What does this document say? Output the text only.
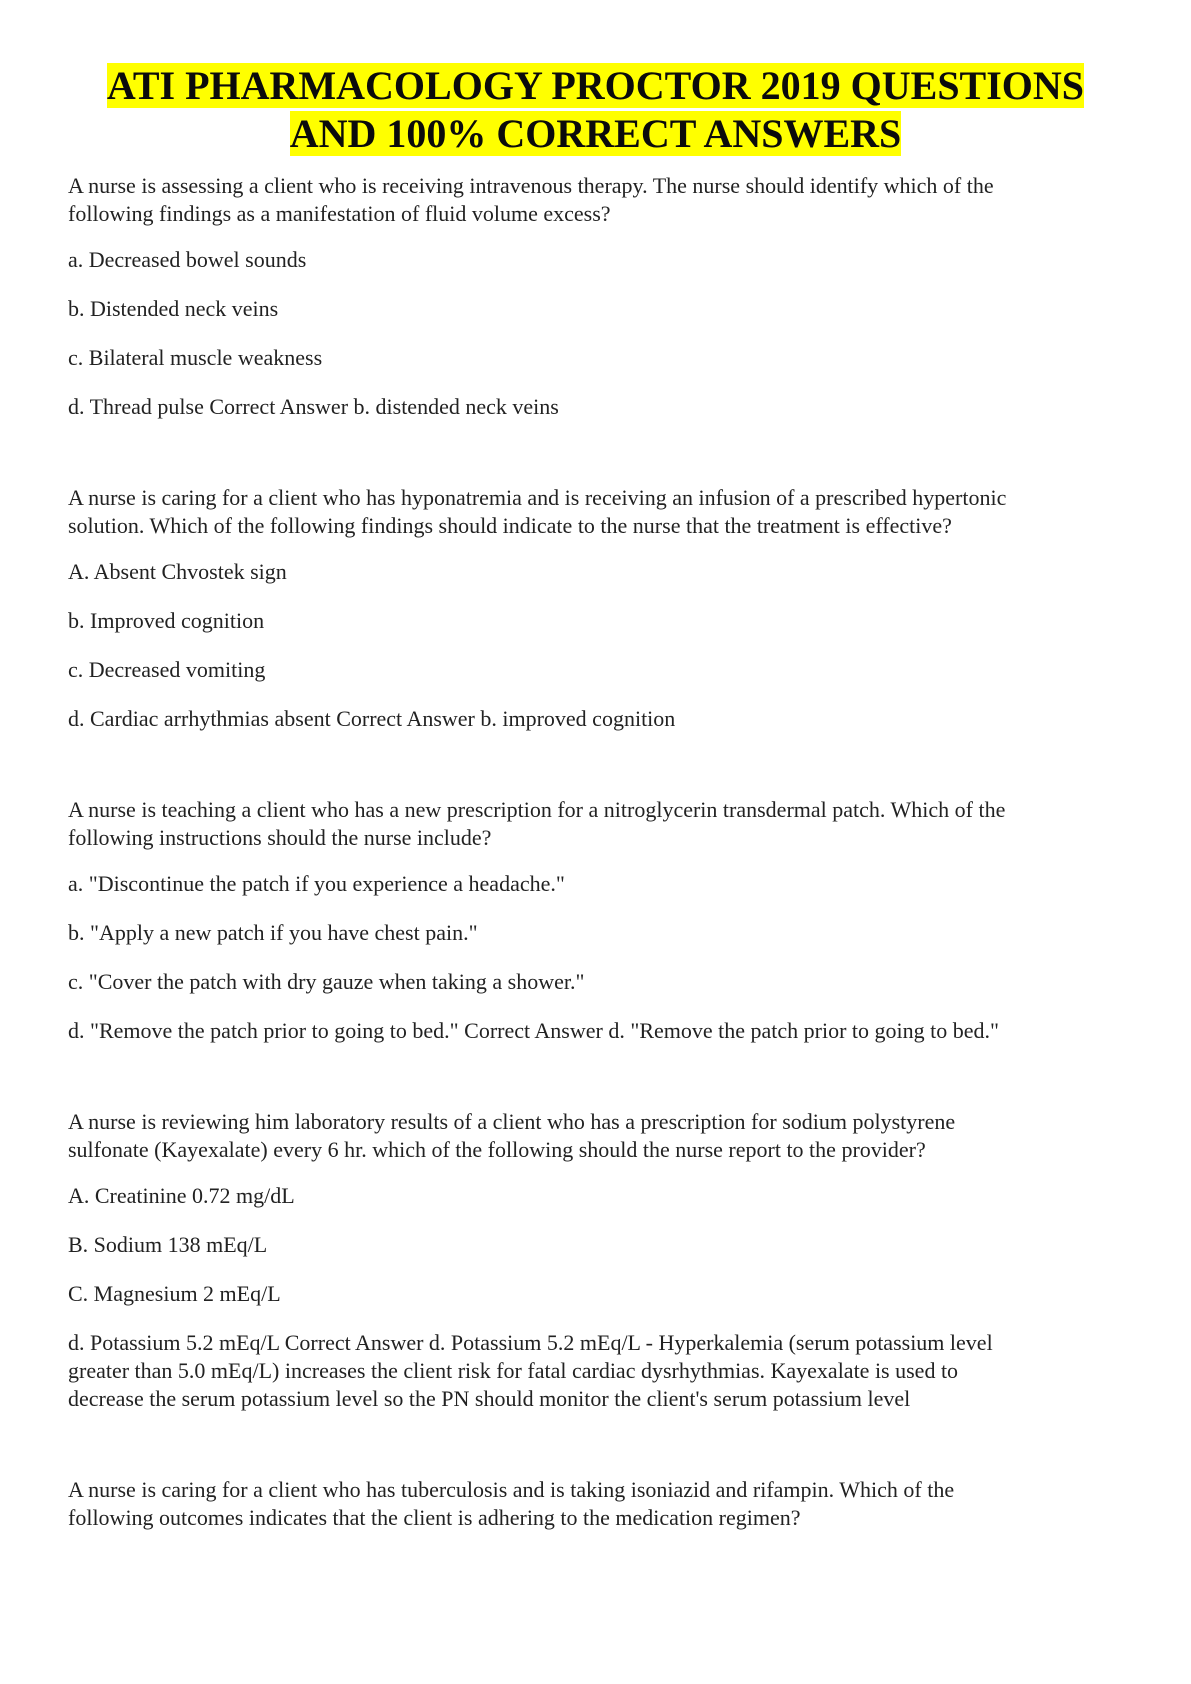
ATI PHARMACOLOGY PROCTOR 2019 QUESTIONS
AND 100% CORRECT ANSWERS
A nurse is assessing a client who is receiving intravenous therapy. The nurse should identify which of the
following findings as a manifestation of fluid volume excess?
a. Decreased bowel sounds
b. Distended neck veins
c. Bilateral muscle weakness
d. Thread pulse Correct Answer b. distended neck veins
A nurse is caring for a client who has hyponatremia and is receiving an infusion of a prescribed hypertonic
solution. Which of the following findings should indicate to the nurse that the treatment is effective?
A. Absent Chvostek sign
b. Improved cognition
c. Decreased vomiting
d. Cardiac arrhythmias absent Correct Answer b. improved cognition
A nurse is teaching a client who has a new prescription for a nitroglycerin transdermal patch. Which of the
following instructions should the nurse include?
a. "Discontinue the patch if you experience a headache."
b. "Apply a new patch if you have chest pain."
c. "Cover the patch with dry gauze when taking a shower."
d. "Remove the patch prior to going to bed." Correct Answer d. "Remove the patch prior to going to bed."
A nurse is reviewing him laboratory results of a client who has a prescription for sodium polystyrene
sulfonate (Kayexalate) every 6 hr. which of the following should the nurse report to the provider?
A. Creatinine 0.72 mg/dL
B. Sodium 138 mEq/L
C. Magnesium 2 mEq/L
d. Potassium 5.2 mEq/L Correct Answer d. Potassium 5.2 mEq/L - Hyperkalemia (serum potassium level
greater than 5.0 mEq/L) increases the client risk for fatal cardiac dysrhythmias. Kayexalate is used to
decrease the serum potassium level so the PN should monitor the client's serum potassium level
A nurse is caring for a client who has tuberculosis and is taking isoniazid and rifampin. Which of the
following outcomes indicates that the client is adhering to the medication regimen?
